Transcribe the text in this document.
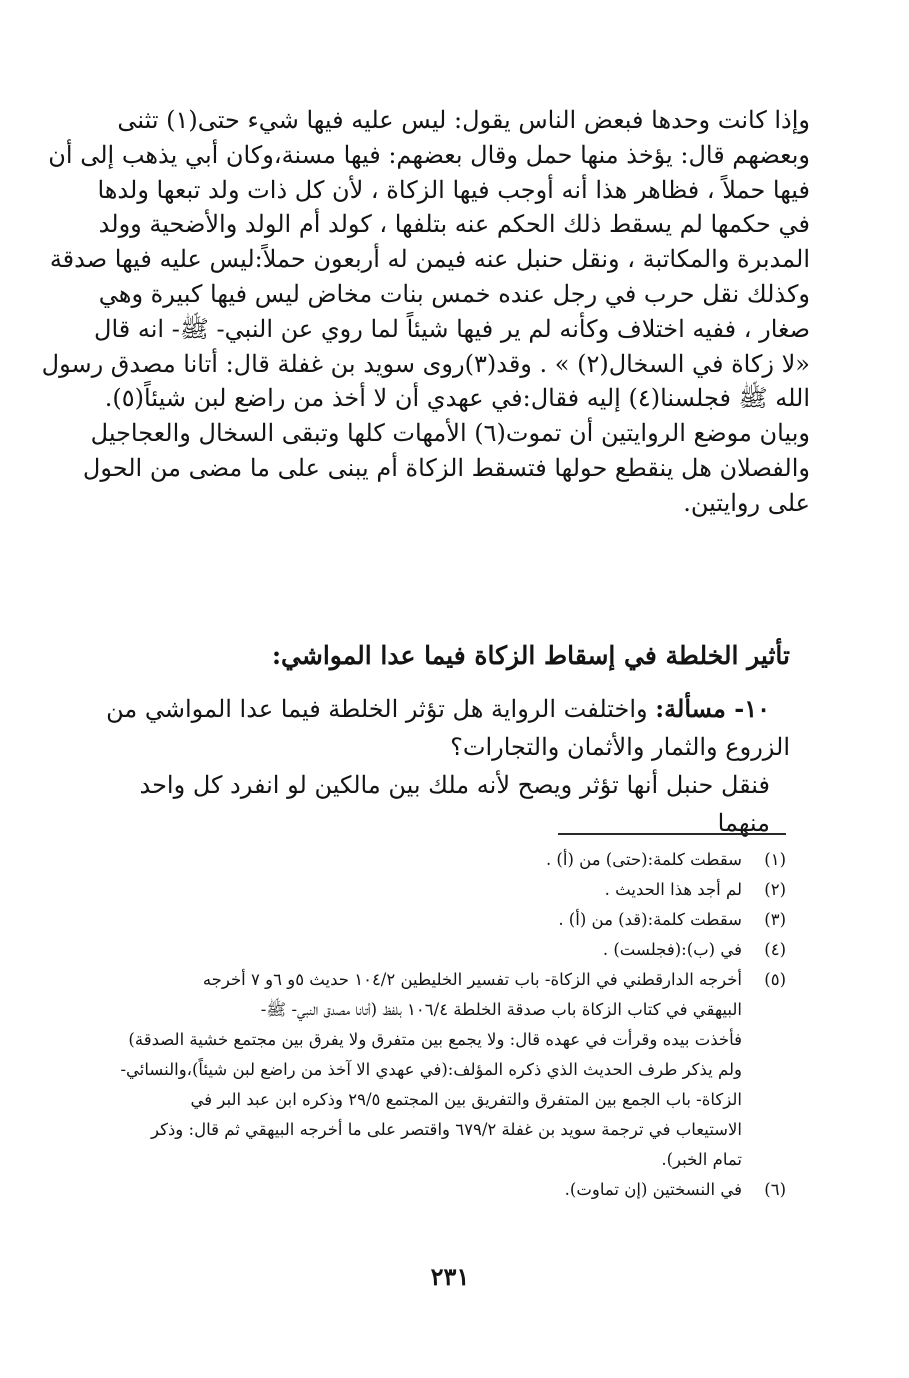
وإذا كانت وحدها فبعض الناس يقول: ليس عليه فيها شيء حتى(١) تثنى
وبعضهم قال: يؤخذ منها حمل وقال بعضهم: فيها مسنة،وكان أبي يذهب إلى أن
فيها حملاً ، فظاهر هذا أنه أوجب فيها الزكاة ، لأن كل ذات ولد تبعها ولدها
في حكمها لم يسقط ذلك الحكم عنه بتلفها ، كولد أم الولد والأضحية وولد
المدبرة والمكاتبة ، ونقل حنبل عنه فيمن له أربعون حملاً:ليس عليه فيها صدقة
وكذلك نقل حرب في رجل عنده خمس بنات مخاض ليس فيها كبيرة وهي
صغار ، ففيه اختلاف وكأنه لم ير فيها شيئاً لما روي عن النبي- ﷺ- انه قال
«لا زكاة في السخال(٢) » . وقد(٣)روى سويد بن غفلة قال: أتانا مصدق رسول
الله ﷺ فجلسنا(٤) إليه فقال:في عهدي أن لا أخذ من راضع لبن شيئاً(٥).
وبيان موضع الروايتين أن تموت(٦) الأمهات كلها وتبقى السخال والعجاجيل
والفصلان هل ينقطع حولها فتسقط الزكاة أم يبنى على ما مضى من الحول
على روايتين.
تأثير الخلطة في إسقاط الزكاة فيما عدا المواشي:
١٠- مسألة: واختلفت الرواية هل تؤثر الخلطة فيما عدا المواشي من
الزروع والثمار والأثمان والتجارات؟
فنقل حنبل أنها تؤثر ويصح لأنه ملك بين مالكين لو انفرد كل واحد منهما
(١)
سقطت كلمة:(حتى) من (أ) .
(٢)
لم أجد هذا الحديث .
(٣)
سقطت كلمة:(قد) من (أ) .
(٤)
في (ب):(فجلست) .
(٥)
أخرجه الدارقطني في الزكاة- باب تفسير الخليطين ١٠٤/٢ حديث ٥و ٦و ٧ أخرجه
البيهقي في كتاب الزكاة باب صدقة الخلطة ١٠٦/٤ بلفظ (أتانا مصدق النبي- ﷺ-
فأخذت بيده وقرأت في عهده قال: ولا يجمع بين متفرق ولا يفرق بين مجتمع خشية الصدقة)
ولم يذكر طرف الحديث الذي ذكره المؤلف:(في عهدي الا آخذ من راضع لبن شيئاً)،والنسائي-
الزكاة- باب الجمع بين المتفرق والتفريق بين المجتمع ٢٩/٥ وذكره ابن عبد البر في
الاستيعاب في ترجمة سويد بن غفلة ٦٧٩/٢ واقتصر على ما أخرجه البيهقي ثم قال: وذكر
تمام الخبر).
(٦)
في النسختين (إن تماوت).
٢٣١
